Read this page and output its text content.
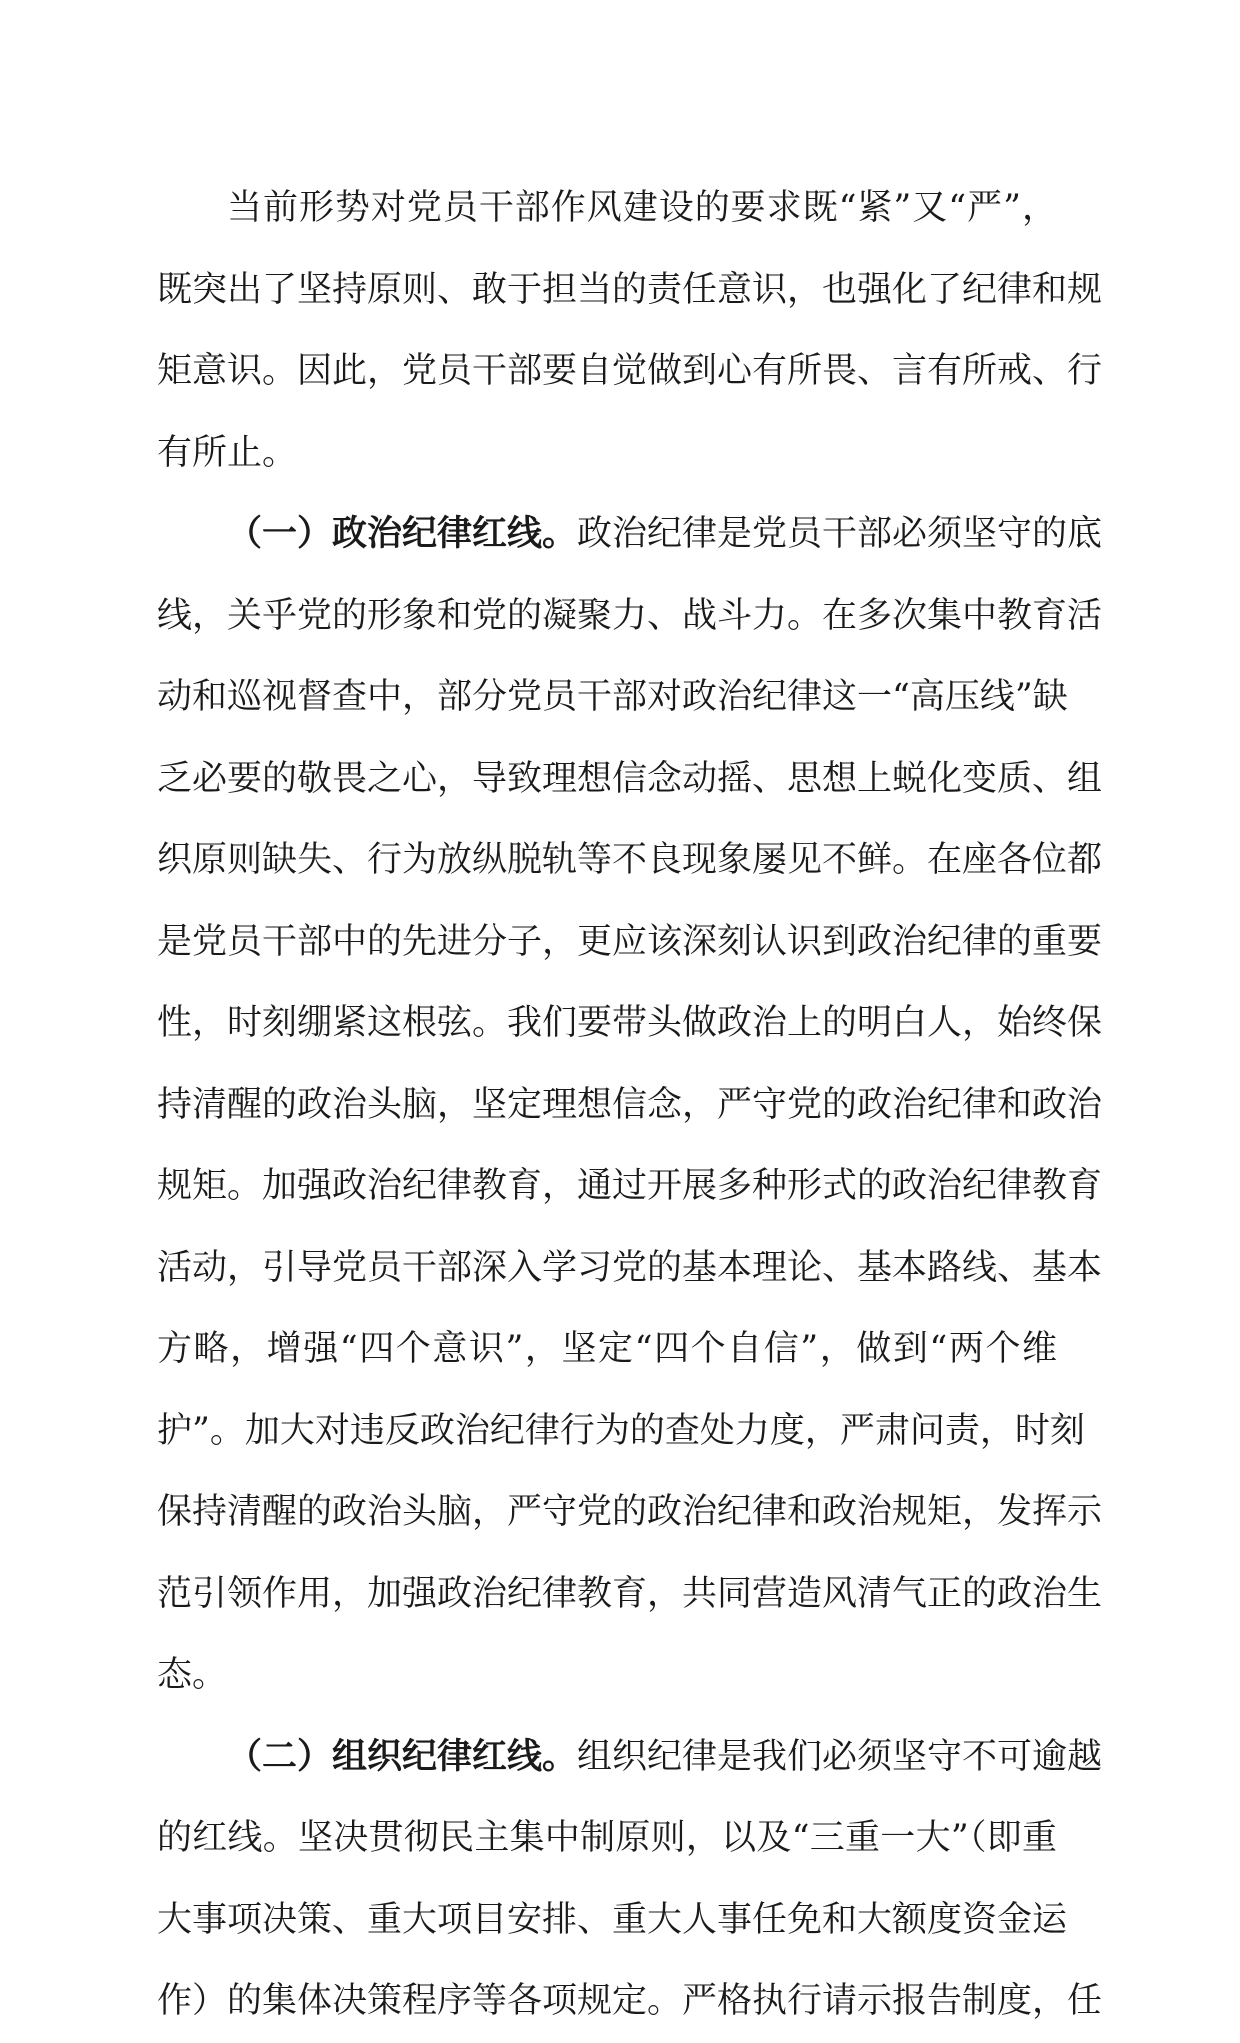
当前形势对党员干部作风建设的要求既“紧”又“严”，
既突出了坚持原则、敢于担当的责任意识，也强化了纪律和规
矩意识。因此，党员干部要自觉做到心有所畏、言有所戒、行
有所止。
（一）政治纪律红线。政治纪律是党员干部必须坚守的底
线，关乎党的形象和党的凝聚力、战斗力。在多次集中教育活
动和巡视督查中，部分党员干部对政治纪律这一“高压线”缺
乏必要的敬畏之心，导致理想信念动摇、思想上蜕化变质、组
织原则缺失、行为放纵脱轨等不良现象屡见不鲜。在座各位都
是党员干部中的先进分子，更应该深刻认识到政治纪律的重要
性，时刻绷紧这根弦。我们要带头做政治上的明白人，始终保
持清醒的政治头脑，坚定理想信念，严守党的政治纪律和政治
规矩。加强政治纪律教育，通过开展多种形式的政治纪律教育
活动，引导党员干部深入学习党的基本理论、基本路线、基本
方略，增强“四个意识”，坚定“四个自信”，做到“两个维
护”。加大对违反政治纪律行为的查处力度，严肃问责，时刻
保持清醒的政治头脑，严守党的政治纪律和政治规矩，发挥示
范引领作用，加强政治纪律教育，共同营造风清气正的政治生
态。
（二）组织纪律红线。组织纪律是我们必须坚守不可逾越
的红线。坚决贯彻民主集中制原则，以及“三重一大”（即重
大事项决策、重大项目安排、重大人事任免和大额度资金运
作）的集体决策程序等各项规定。严格执行请示报告制度，任
